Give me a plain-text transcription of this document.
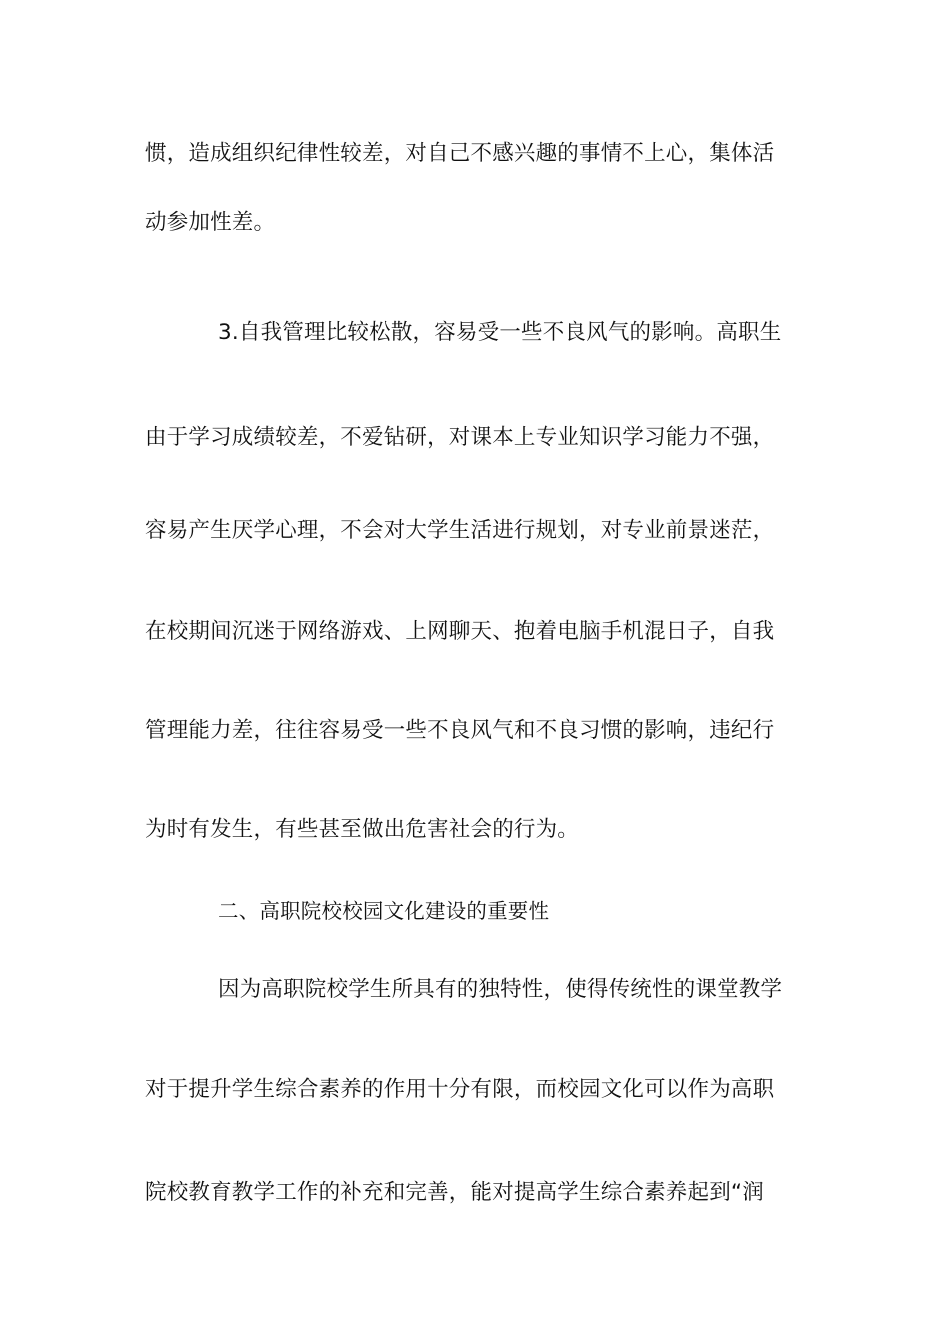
惯，造成组织纪律性较差，对自己不感兴趣的事情不上心，集体活
动参加性差。
3.自我管理比较松散，容易受一些不良风气的影响。高职生
由于学习成绩较差，不爱钻研，对课本上专业知识学习能力不强，
容易产生厌学心理，不会对大学生活进行规划，对专业前景迷茫，
在校期间沉迷于网络游戏、上网聊天、抱着电脑手机混日子，自我
管理能力差，往往容易受一些不良风气和不良习惯的影响，违纪行
为时有发生，有些甚至做出危害社会的行为。
二、高职院校校园文化建设的重要性
因为高职院校学生所具有的独特性，使得传统性的课堂教学
对于提升学生综合素养的作用十分有限，而校园文化可以作为高职
院校教育教学工作的补充和完善，能对提高学生综合素养起到“润
